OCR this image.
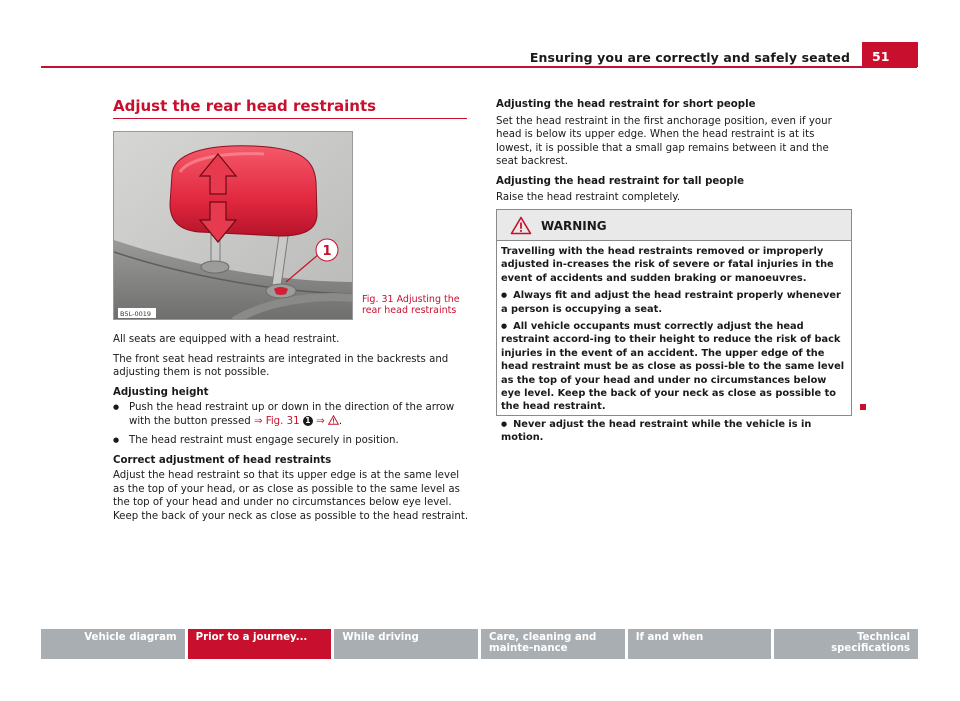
Ensuring you are correctly and safely seated	51
Adjust the rear head restraints
1
B5L-0019
Fig. 31 Adjusting the rear head restraints

All seats are equipped with a head restraint.

The front seat head restraints are integrated in the backrests and adjusting them is not possible.

Adjusting height

● Push the head restraint up or down in the direction of the arrow with the button pressed ⇒ Fig. 31 1 ⇒ .

● The head restraint must engage securely in position.

Correct adjustment of head restraints

Adjust the head restraint so that its upper edge is at the same level as the top of your head, or as close as possible to the same level as the top of your head and under no circumstances below eye level. Keep the back of your neck as close as possible to the head restraint.

Adjusting the head restraint for short people

Set the head restraint in the first anchorage position, even if your head is below its upper edge. When the head restraint is at its lowest, it is possible that a small gap remains between it and the seat backrest.

Adjusting the head restraint for tall people

Raise the head restraint completely.

WARNING

Travelling with the head restraints removed or improperly adjusted in-creases the risk of severe or fatal injuries in the event of accidents and sudden braking or manoeuvres.

● Always fit and adjust the head restraint properly whenever a person is occupying a seat.

● All vehicle occupants must correctly adjust the head restraint accord-ing to their height to reduce the risk of back injuries in the event of an accident. The upper edge of the head restraint must be as close as possi-ble to the same level as the top of your head and under no circumstances below eye level. Keep the back of your neck as close as possible to the head restraint.

● Never adjust the head restraint while the vehicle is in motion.

Vehicle diagram	Prior to a journey...	While driving	Care, cleaning and mainte-nance
If and when	Technical specifications
